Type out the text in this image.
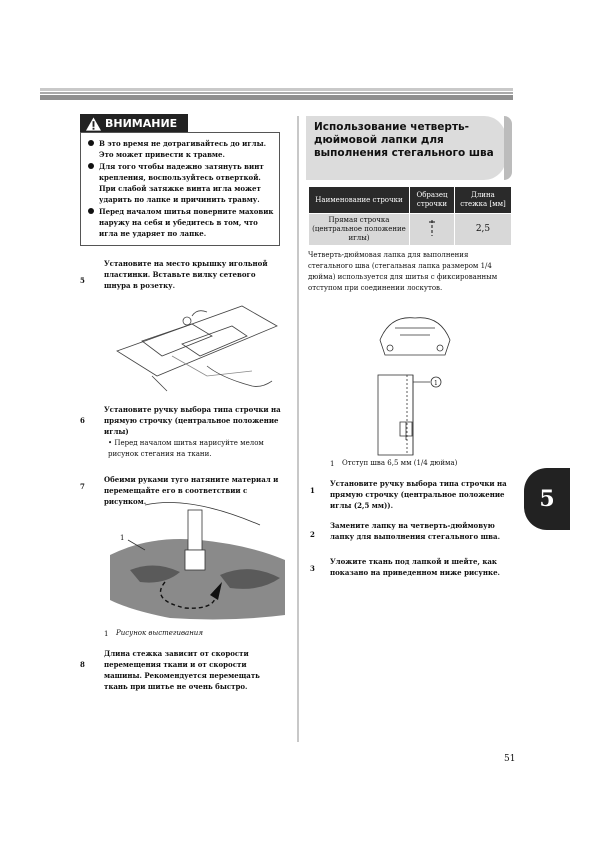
ВНИМАНИЕ
В это время не дотрагивайтесь до иглы. Это может привести к травме.
Для того чтобы надежно затянуть винт крепления, воспользуйтесь отверткой. При слабой затяжке винта игла может ударить по лапке и причинить травму.
Перед началом шитья поверните маховик наружу на себя и убедитесь в том, что игла не ударяет по лапке.
5
Установите на место крышку игольной пластинки. Вставьте вилку сетевого шнура в розетку.
6
Установите ручку выбора типа строчки на прямую строчку (центральное положение иглы)
• Перед началом шитья нарисуйте мелом рисунок стегания на ткани.
7
Обеими руками туго натяните материал и перемещайте его в соответствии с рисунком.
1
1 Рисунок выстегивания
8
Длина стежка зависит от скорости перемещения ткани и от скорости машины. Рекомендуется перемещать ткань при шитье не очень быстро.
Использование четверть-дюймовой лапки для выполнения стегального шва
Наименование строчки	Образец строчки	Длина стежка [мм]
Прямая строчка (центральное положение иглы)		2,5
Четверть-дюймовая лапка для выполнения стегального шва (стегальная лапка размером 1/4 дюйма) используется для шитья с фиксированным отступом при соединении лоскутов.
1
1 Отступ шва 6,5 мм (1/4 дюйма)
1
Установите ручку выбора типа строчки на прямую строчку (центральное положение иглы (2,5 мм)).
2
Замените лапку на четверть-дюймовую лапку для выполнения стегального шва.
3
Уложите ткань под лапкой и шейте, как показано на приведенном ниже рисунке.
5
51
